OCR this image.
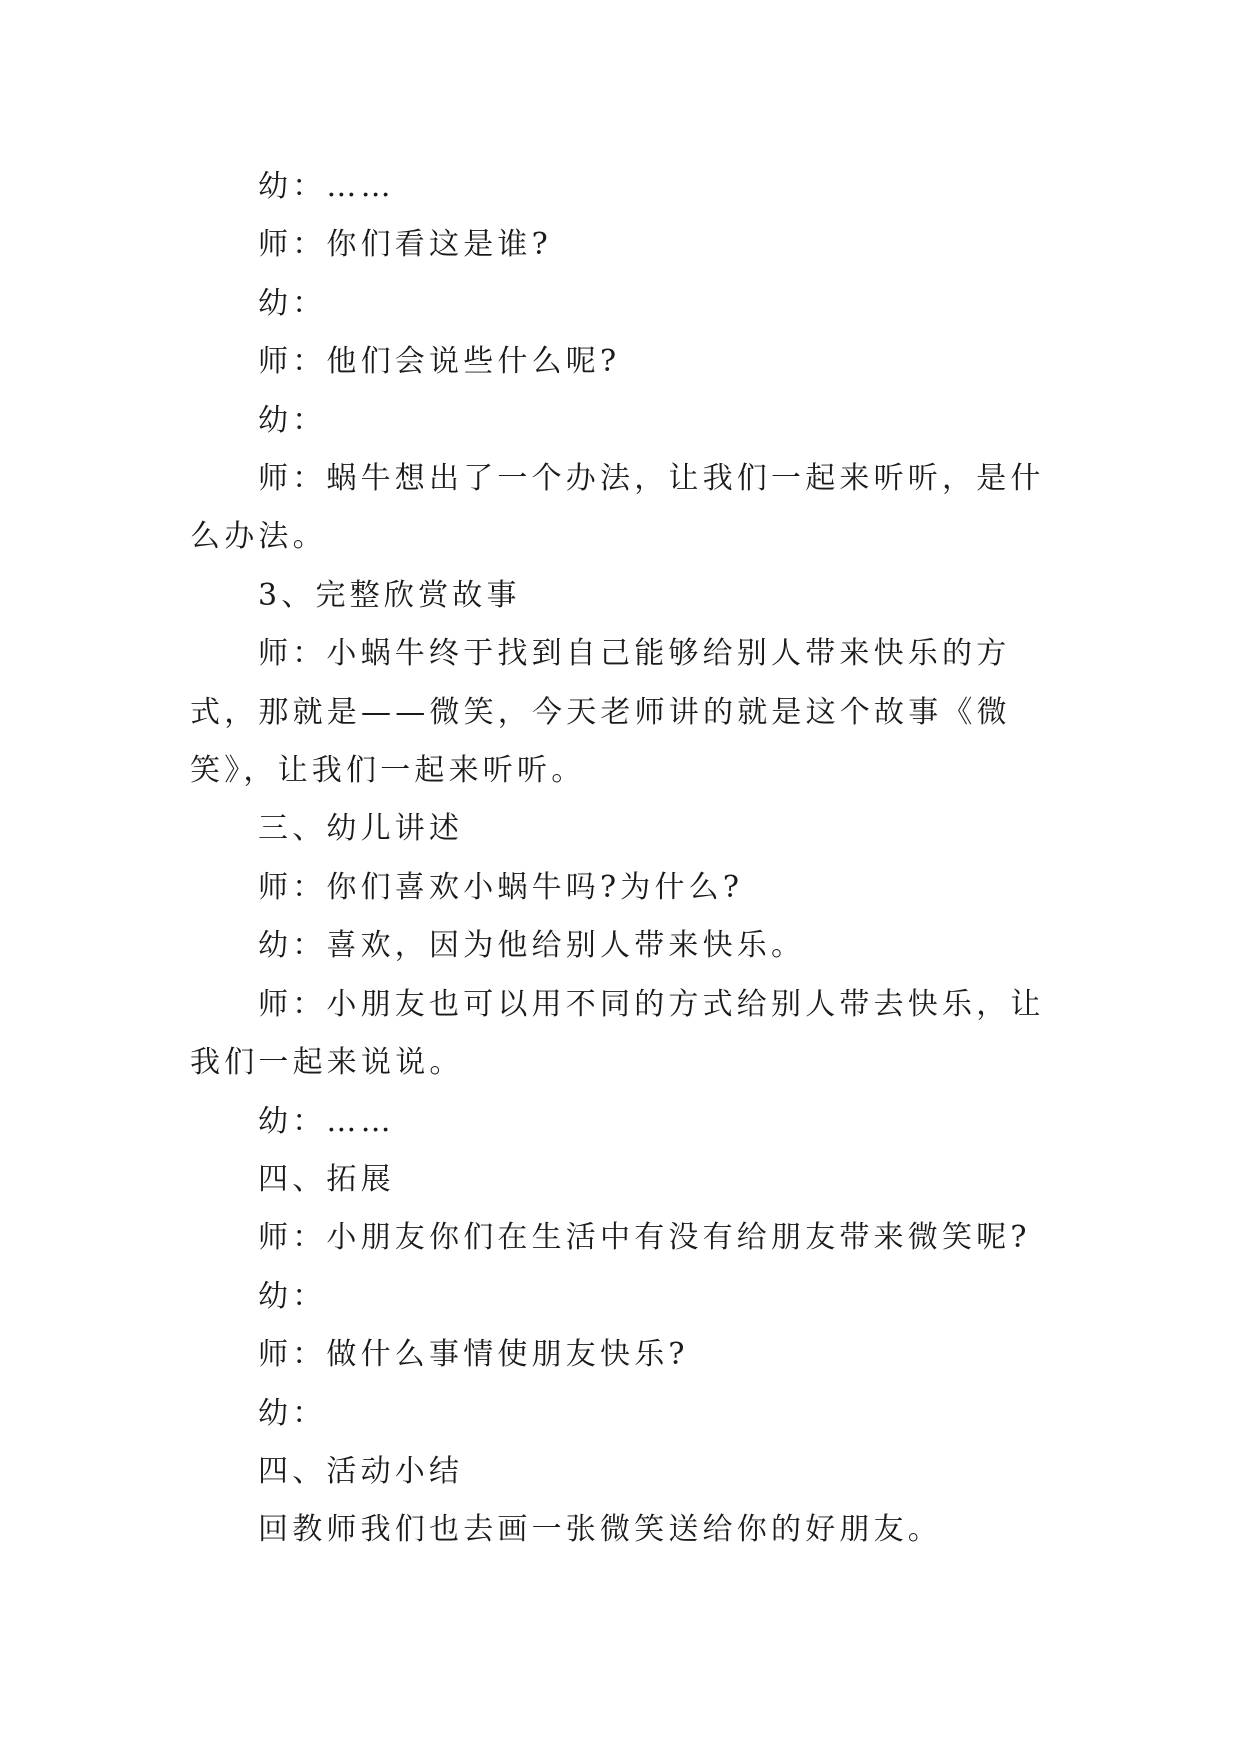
幼：……

师：你们看这是谁?

幼：

师：他们会说些什么呢?

幼：

师：蜗牛想出了一个办法，让我们一起来听听，是什么办法。

3、完整欣赏故事

师：小蜗牛终于找到自己能够给别人带来快乐的方式，那就是——微笑，今天老师讲的就是这个故事《微笑》，让我们一起来听听。

三、幼儿讲述

师：你们喜欢小蜗牛吗?为什么?

幼：喜欢，因为他给别人带来快乐。

师：小朋友也可以用不同的方式给别人带去快乐，让我们一起来说说。

幼：……

四、拓展

师：小朋友你们在生活中有没有给朋友带来微笑呢?

幼：

师：做什么事情使朋友快乐?

幼：

四、活动小结

回教师我们也去画一张微笑送给你的好朋友。
